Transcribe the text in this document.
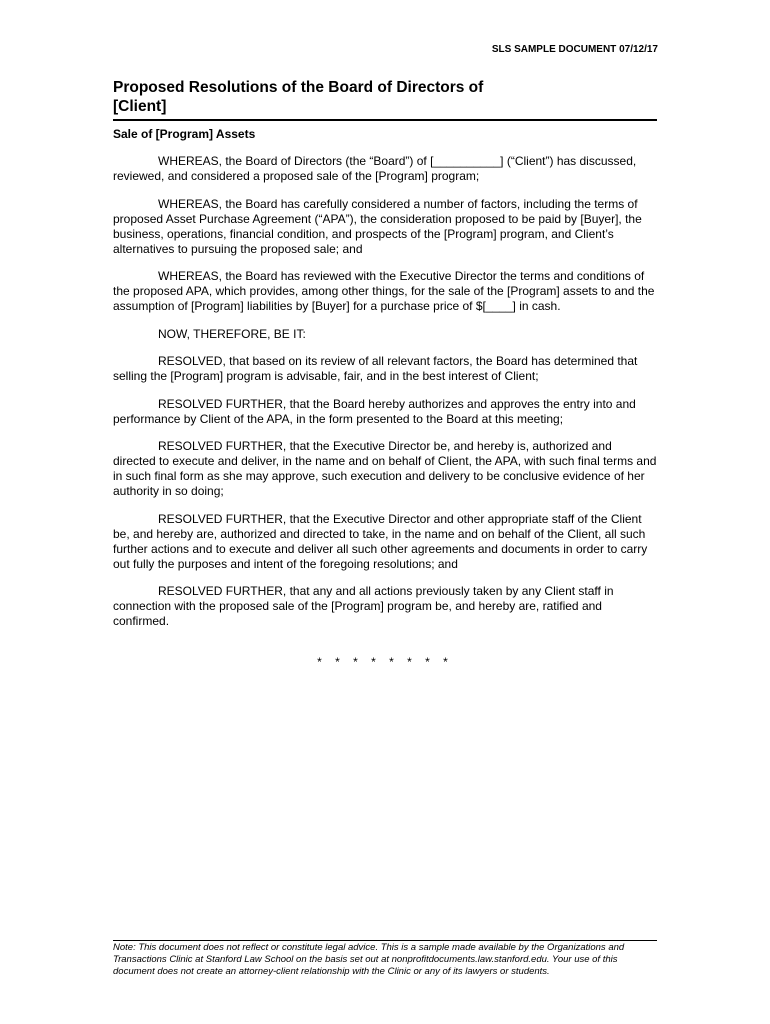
SLS SAMPLE DOCUMENT 07/12/17
Proposed Resolutions of the Board of Directors of
[Client]
Sale of [Program] Assets

WHEREAS, the Board of Directors (the “Board”) of [__________] (“Client”) has discussed, reviewed, and considered a proposed sale of the [Program] program;

WHEREAS, the Board has carefully considered a number of factors, including the terms of proposed Asset Purchase Agreement (“APA”), the consideration proposed to be paid by [Buyer], the business, operations, financial condition, and prospects of the [Program] program, and Client’s alternatives to pursuing the proposed sale; and

WHEREAS, the Board has reviewed with the Executive Director the terms and conditions of the proposed APA, which provides, among other things, for the sale of the [Program] assets to and the assumption of [Program] liabilities by [Buyer] for a purchase price of $[____] in cash.

NOW, THEREFORE, BE IT:

RESOLVED, that based on its review of all relevant factors, the Board has determined that selling the [Program] program is advisable, fair, and in the best interest of Client;

RESOLVED FURTHER, that the Board hereby authorizes and approves the entry into and performance by Client of the APA, in the form presented to the Board at this meeting;

RESOLVED FURTHER, that the Executive Director be, and hereby is, authorized and directed to execute and deliver, in the name and on behalf of Client, the APA, with such final terms and in such final form as she may approve, such execution and delivery to be conclusive evidence of her authority in so doing;

RESOLVED FURTHER, that the Executive Director and other appropriate staff of the Client be, and hereby are, authorized and directed to take, in the name and on behalf of the Client, all such further actions and to execute and deliver all such other agreements and documents in order to carry out fully the purposes and intent of the foregoing resolutions; and

RESOLVED FURTHER, that any and all actions previously taken by any Client staff in connection with the proposed sale of the [Program] program be, and hereby are, ratified and confirmed.

* * * * * * * *
Note: This document does not reflect or constitute legal advice. This is a sample made available by the Organizations and Transactions Clinic at Stanford Law School on the basis set out at nonprofitdocuments.law.stanford.edu. Your use of this document does not create an attorney-client relationship with the Clinic or any of its lawyers or students.
